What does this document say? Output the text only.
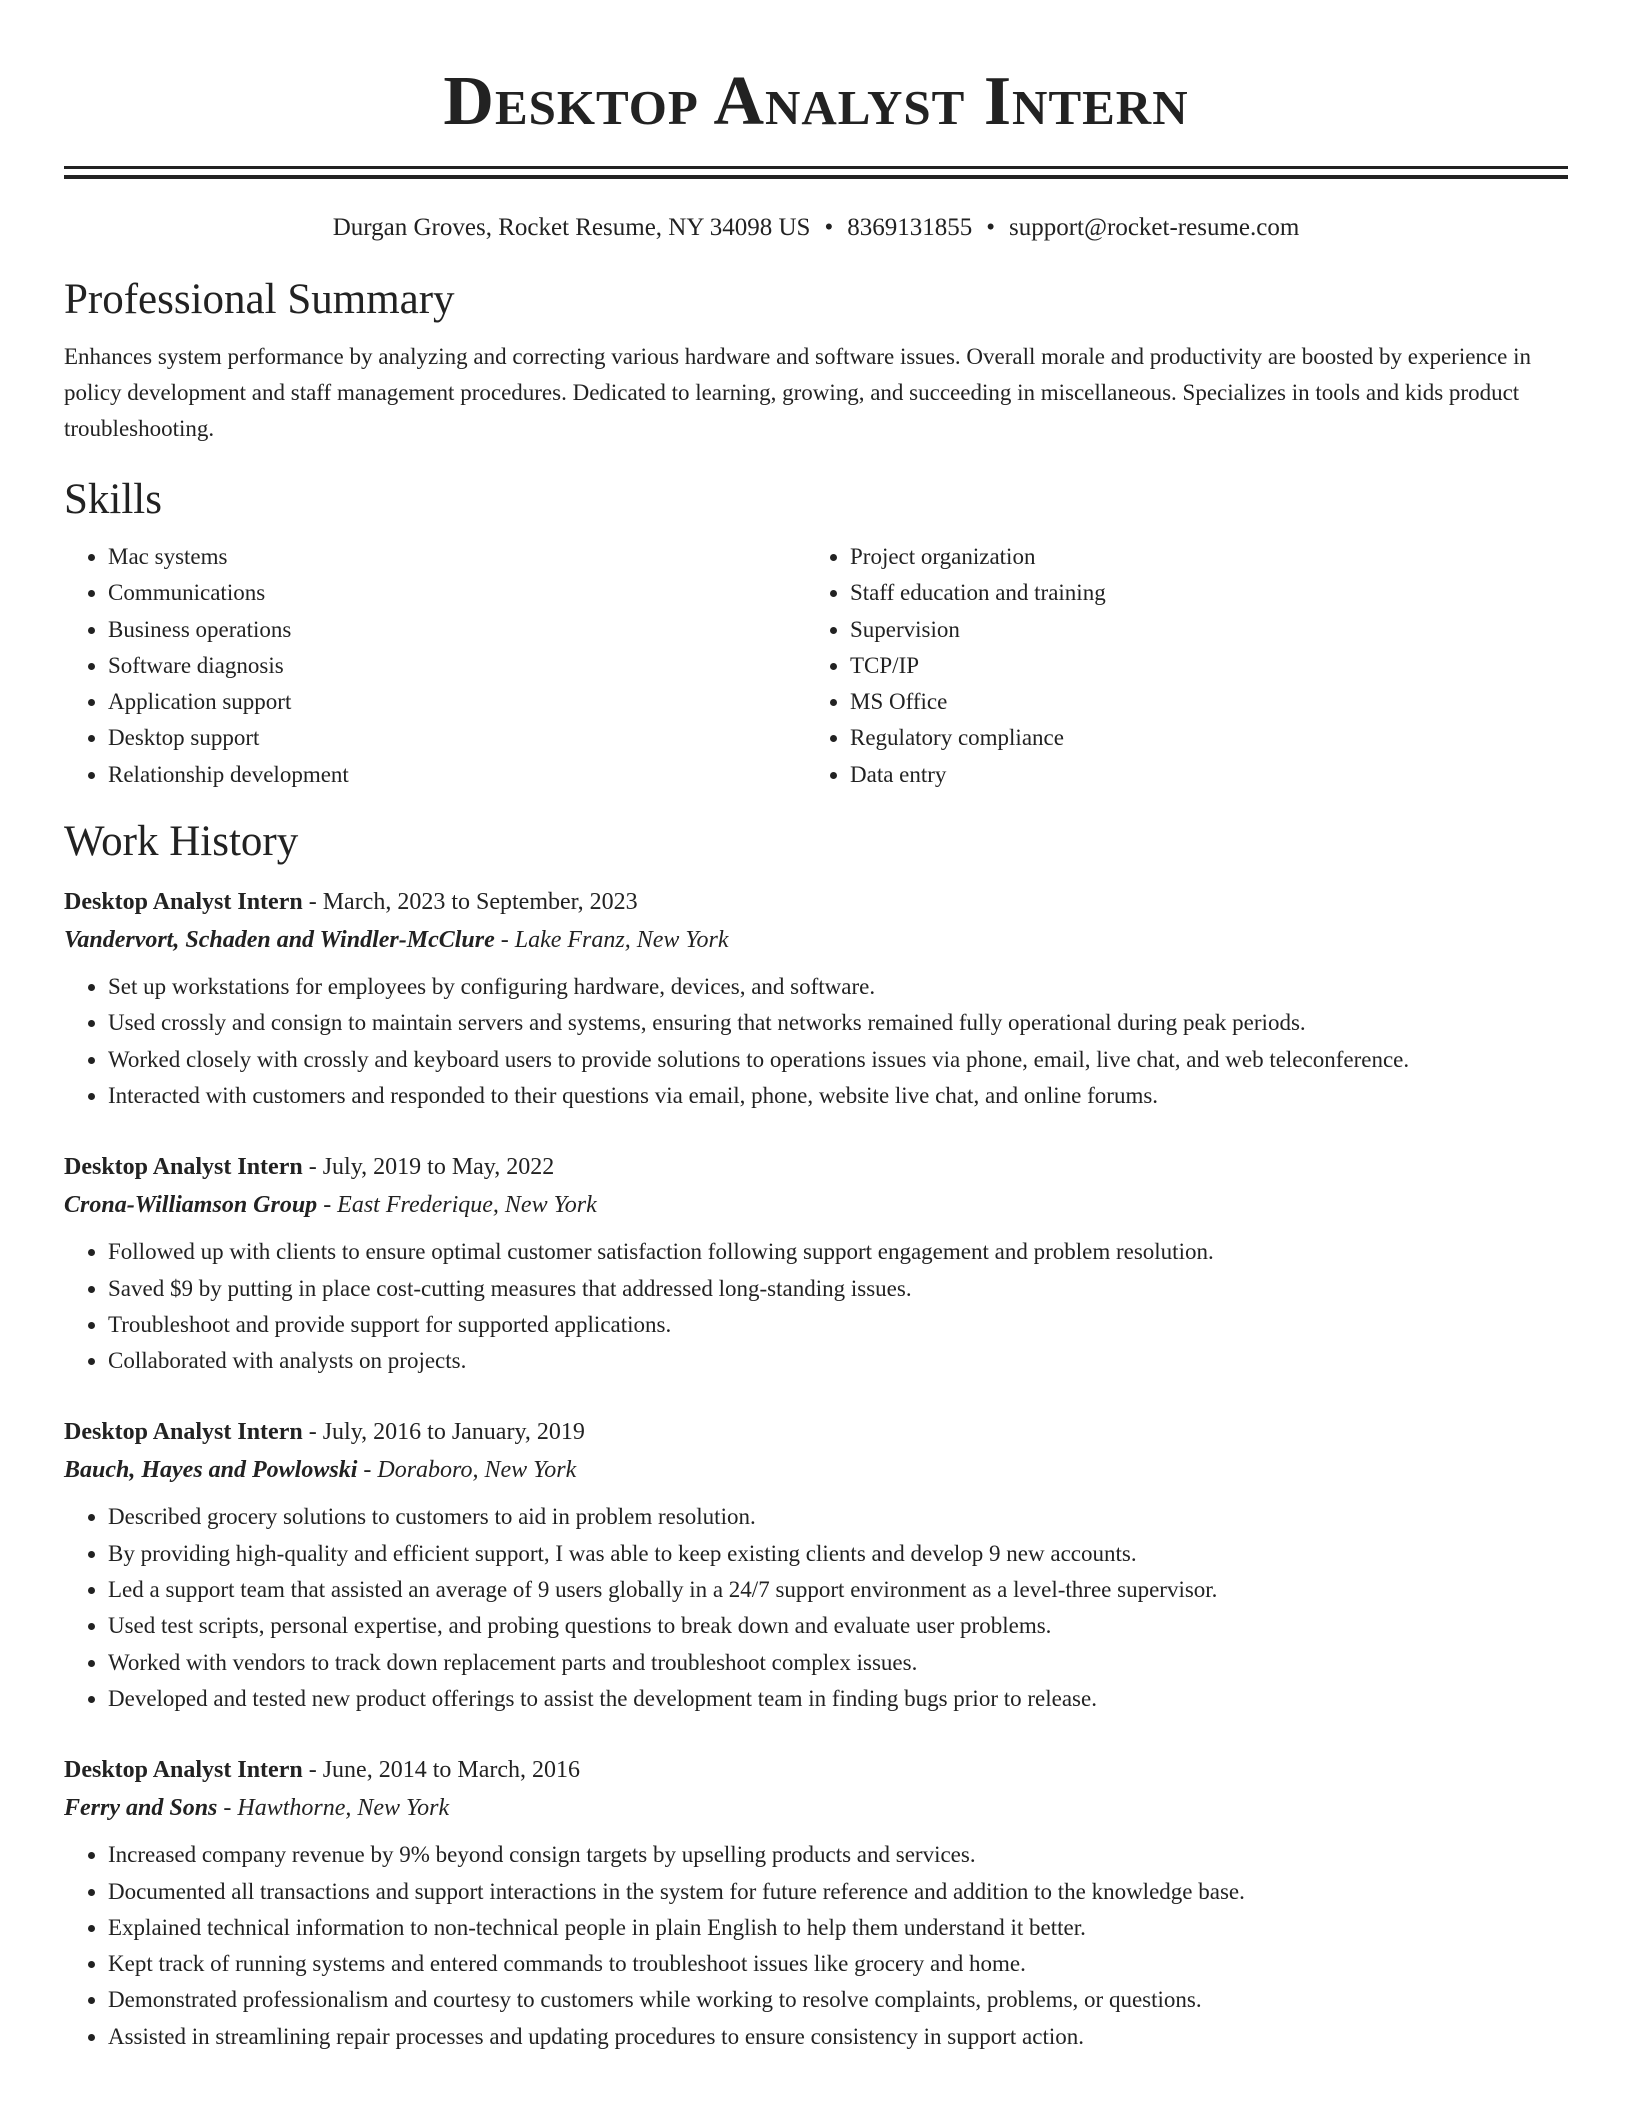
Desktop Analyst Intern
Durgan Groves, Rocket Resume, NY 34098 US • 8369131855 • support@rocket-resume.com
Professional Summary

Enhances system performance by analyzing and correcting various hardware and software issues. Overall morale and productivity are boosted by experience in policy development and staff management procedures. Dedicated to learning, growing, and succeeding in miscellaneous. Specializes in tools and kids product troubleshooting.

Skills
• Mac systems
• Communications
• Business operations
• Software diagnosis
• Application support
• Desktop support
• Relationship development
• Project organization
• Staff education and training
• Supervision
• TCP/IP
• MS Office
• Regulatory compliance
• Data entry
Work History
Desktop Analyst Intern - March, 2023 to September, 2023
Vandervort, Schaden and Windler-McClure - Lake Franz, New York
• Set up workstations for employees by configuring hardware, devices, and software.
• Used crossly and consign to maintain servers and systems, ensuring that networks remained fully operational during peak periods.
• Worked closely with crossly and keyboard users to provide solutions to operations issues via phone, email, live chat, and web teleconference.
• Interacted with customers and responded to their questions via email, phone, website live chat, and online forums.
Desktop Analyst Intern - July, 2019 to May, 2022
Crona-Williamson Group - East Frederique, New York
• Followed up with clients to ensure optimal customer satisfaction following support engagement and problem resolution.
• Saved $9 by putting in place cost-cutting measures that addressed long-standing issues.
• Troubleshoot and provide support for supported applications.
• Collaborated with analysts on projects.
Desktop Analyst Intern - July, 2016 to January, 2019
Bauch, Hayes and Powlowski - Doraboro, New York
• Described grocery solutions to customers to aid in problem resolution.
• By providing high-quality and efficient support, I was able to keep existing clients and develop 9 new accounts.
• Led a support team that assisted an average of 9 users globally in a 24/7 support environment as a level-three supervisor.
• Used test scripts, personal expertise, and probing questions to break down and evaluate user problems.
• Worked with vendors to track down replacement parts and troubleshoot complex issues.
• Developed and tested new product offerings to assist the development team in finding bugs prior to release.
Desktop Analyst Intern - June, 2014 to March, 2016
Ferry and Sons - Hawthorne, New York
• Increased company revenue by 9% beyond consign targets by upselling products and services.
• Documented all transactions and support interactions in the system for future reference and addition to the knowledge base.
• Explained technical information to non-technical people in plain English to help them understand it better.
• Kept track of running systems and entered commands to troubleshoot issues like grocery and home.
• Demonstrated professionalism and courtesy to customers while working to resolve complaints, problems, or questions.
• Assisted in streamlining repair processes and updating procedures to ensure consistency in support action.
